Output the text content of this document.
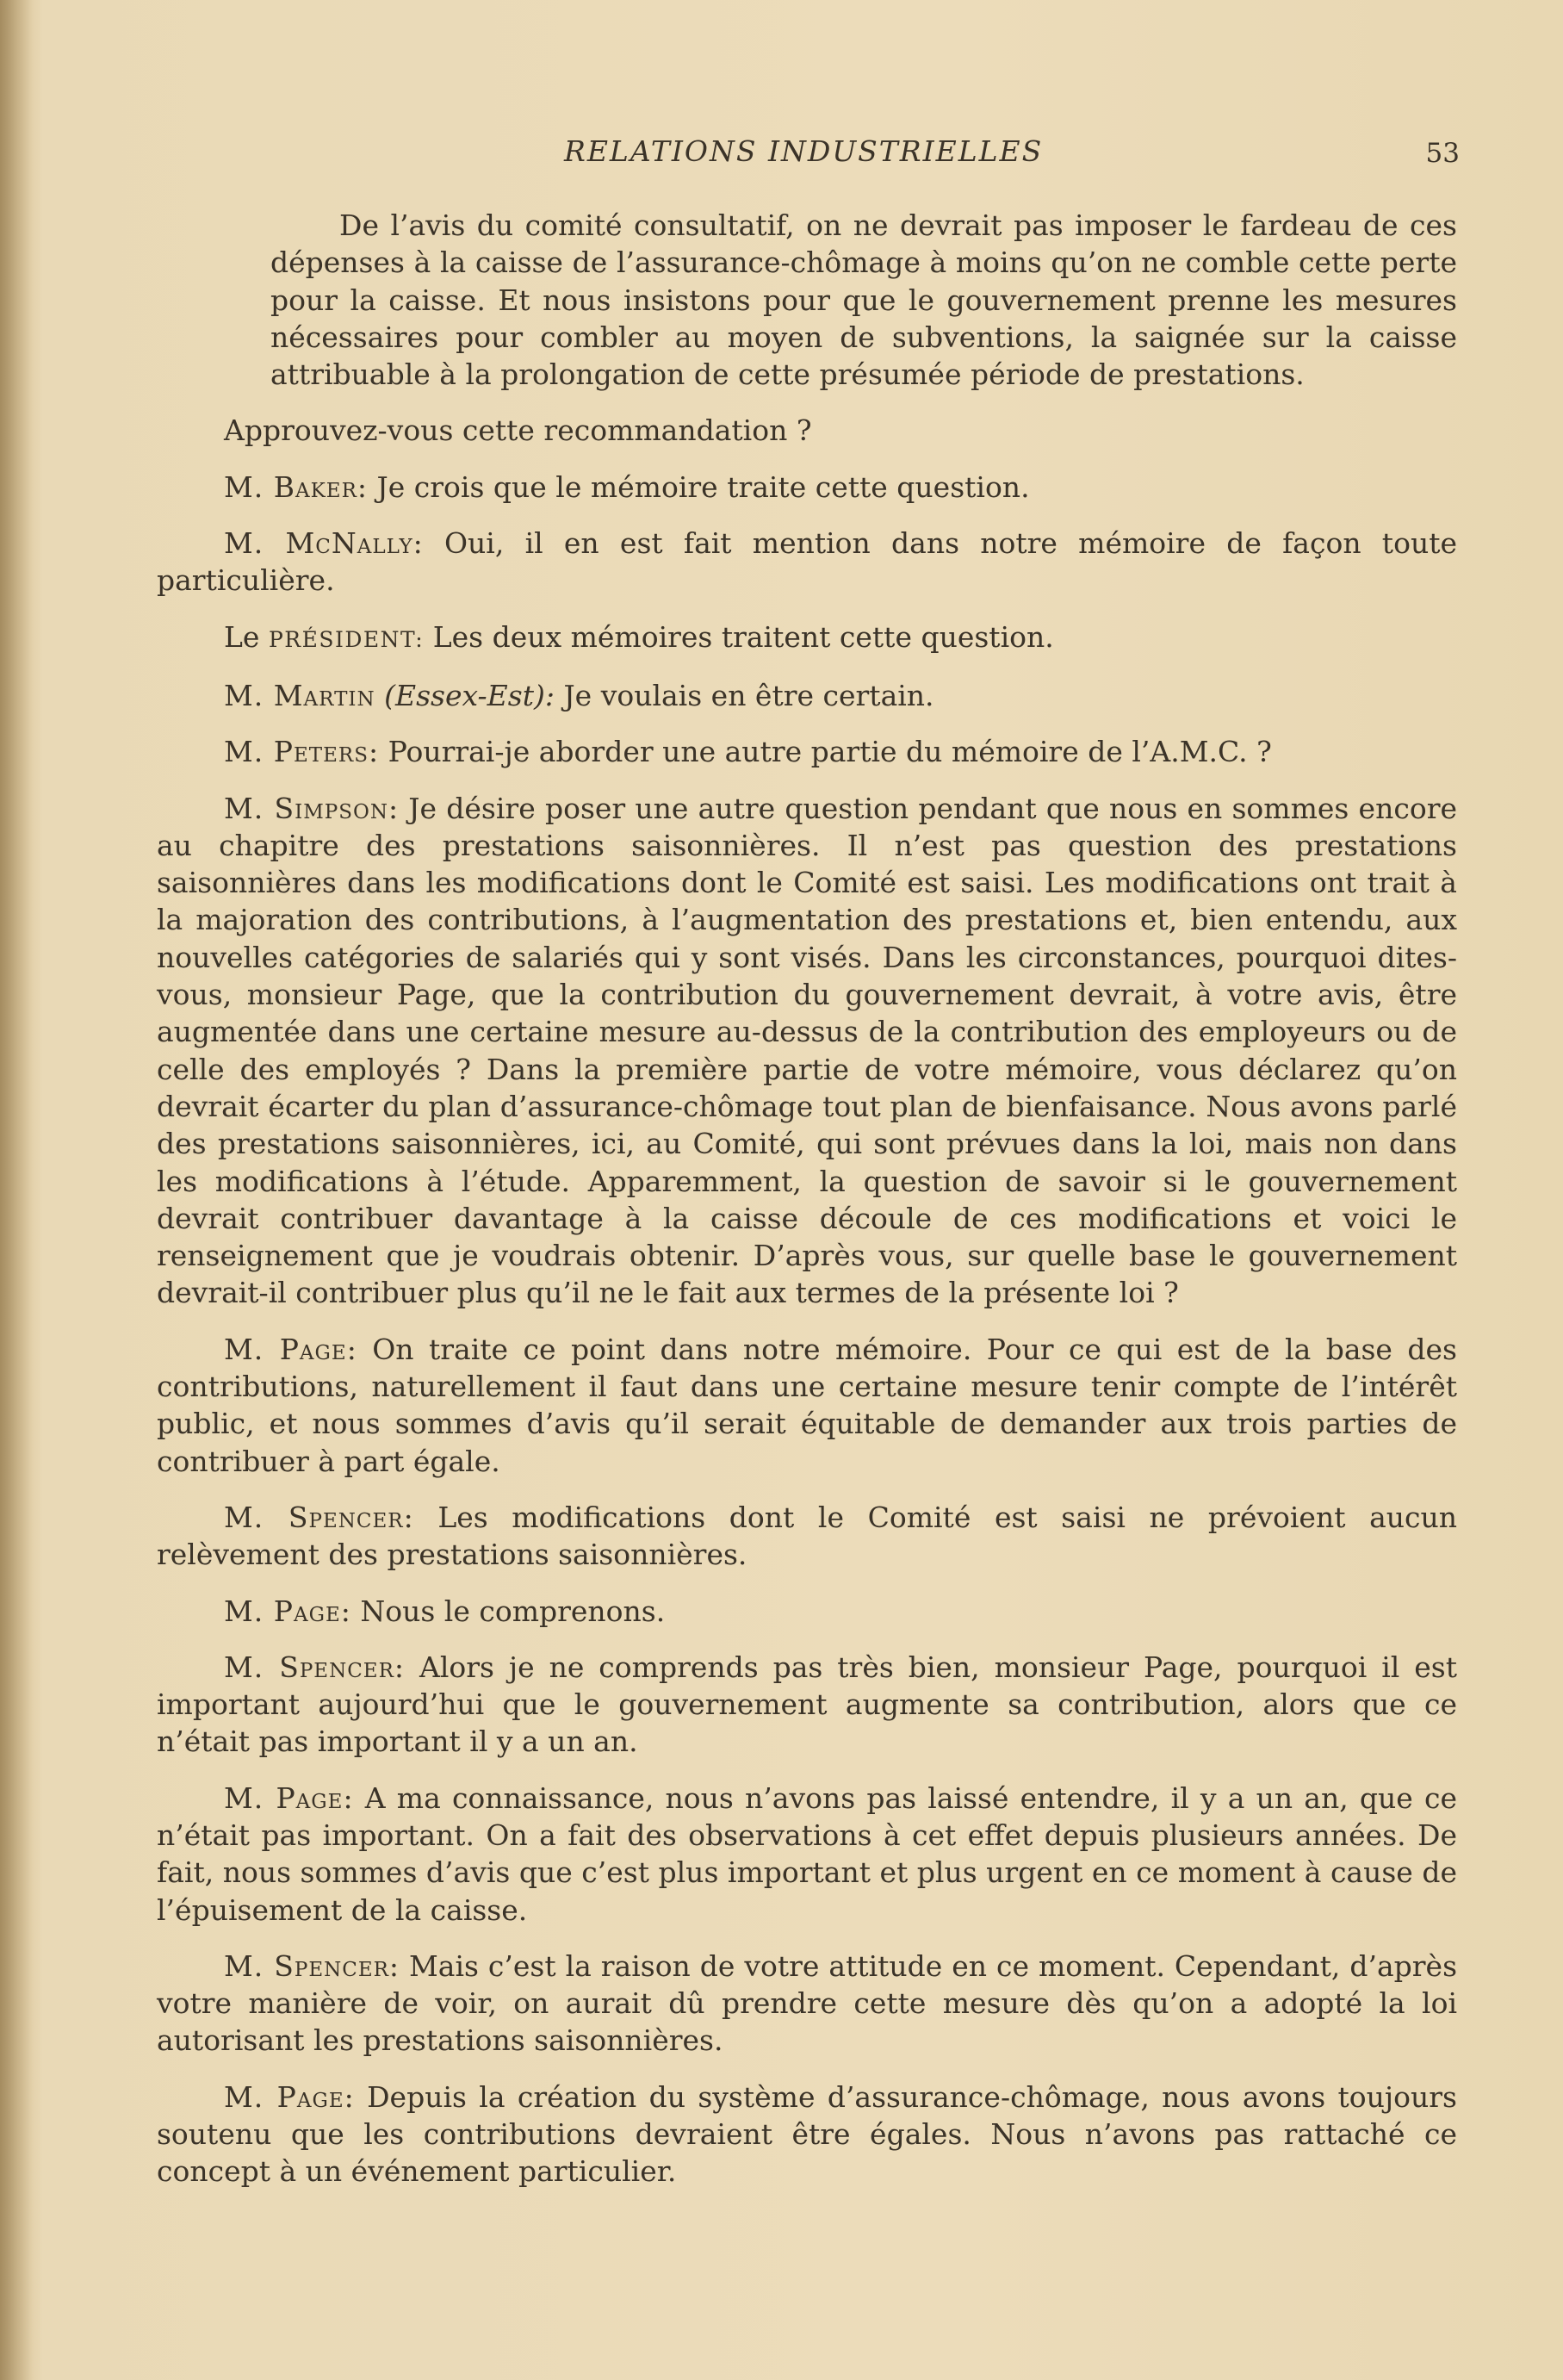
RELATIONS INDUSTRIELLES	53
De l’avis du comité consultatif, on ne devrait pas imposer le fardeau de ces dépenses à la caisse de l’assurance-chômage à moins qu’on ne comble cette perte pour la caisse. Et nous insistons pour que le gouvernement prenne les mesures nécessaires pour combler au moyen de subventions, la saignée sur la caisse attribuable à la prolongation de cette présumée période de prestations.

Approuvez-vous cette recommandation ?

M. Baker: Je crois que le mémoire traite cette question.

M. McNally: Oui, il en est fait mention dans notre mémoire de façon toute particulière.

Le PRÉSIDENT: Les deux mémoires traitent cette question.

M. Martin (Essex-Est): Je voulais en être certain.

M. Peters: Pourrai-je aborder une autre partie du mémoire de l’A.M.C. ?

M. Simpson: Je désire poser une autre question pendant que nous en sommes encore au chapitre des prestations saisonnières. Il n’est pas question des prestations saisonnières dans les modifications dont le Comité est saisi. Les modifications ont trait à la majoration des contributions, à l’augmentation des prestations et, bien entendu, aux nouvelles catégories de salariés qui y sont visés. Dans les circonstances, pourquoi dites-vous, monsieur Page, que la contribution du gouvernement devrait, à votre avis, être augmentée dans une certaine mesure au-dessus de la contribution des employeurs ou de celle des employés ? Dans la première partie de votre mémoire, vous déclarez qu’on devrait écarter du plan d’assurance-chômage tout plan de bienfaisance. Nous avons parlé des prestations saisonnières, ici, au Comité, qui sont prévues dans la loi, mais non dans les modifications à l’étude. Apparemment, la question de savoir si le gouvernement devrait contribuer davantage à la caisse découle de ces modifications et voici le renseignement que je voudrais obtenir. D’après vous, sur quelle base le gouvernement devrait-il contribuer plus qu’il ne le fait aux termes de la présente loi ?

M. Page: On traite ce point dans notre mémoire. Pour ce qui est de la base des contributions, naturellement il faut dans une certaine mesure tenir compte de l’intérêt public, et nous sommes d’avis qu’il serait équitable de demander aux trois parties de contribuer à part égale.

M. Spencer: Les modifications dont le Comité est saisi ne prévoient aucun relèvement des prestations saisonnières.

M. Page: Nous le comprenons.

M. Spencer: Alors je ne comprends pas très bien, monsieur Page, pourquoi il est important aujourd’hui que le gouvernement augmente sa contribution, alors que ce n’était pas important il y a un an.

M. Page: A ma connaissance, nous n’avons pas laissé entendre, il y a un an, que ce n’était pas important. On a fait des observations à cet effet depuis plusieurs années. De fait, nous sommes d’avis que c’est plus important et plus urgent en ce moment à cause de l’épuisement de la caisse.

M. Spencer: Mais c’est la raison de votre attitude en ce moment. Cependant, d’après votre manière de voir, on aurait dû prendre cette mesure dès qu’on a adopté la loi autorisant les prestations saisonnières.

M. Page: Depuis la création du système d’assurance-chômage, nous avons toujours soutenu que les contributions devraient être égales. Nous n’avons pas rattaché ce concept à un événement particulier.
